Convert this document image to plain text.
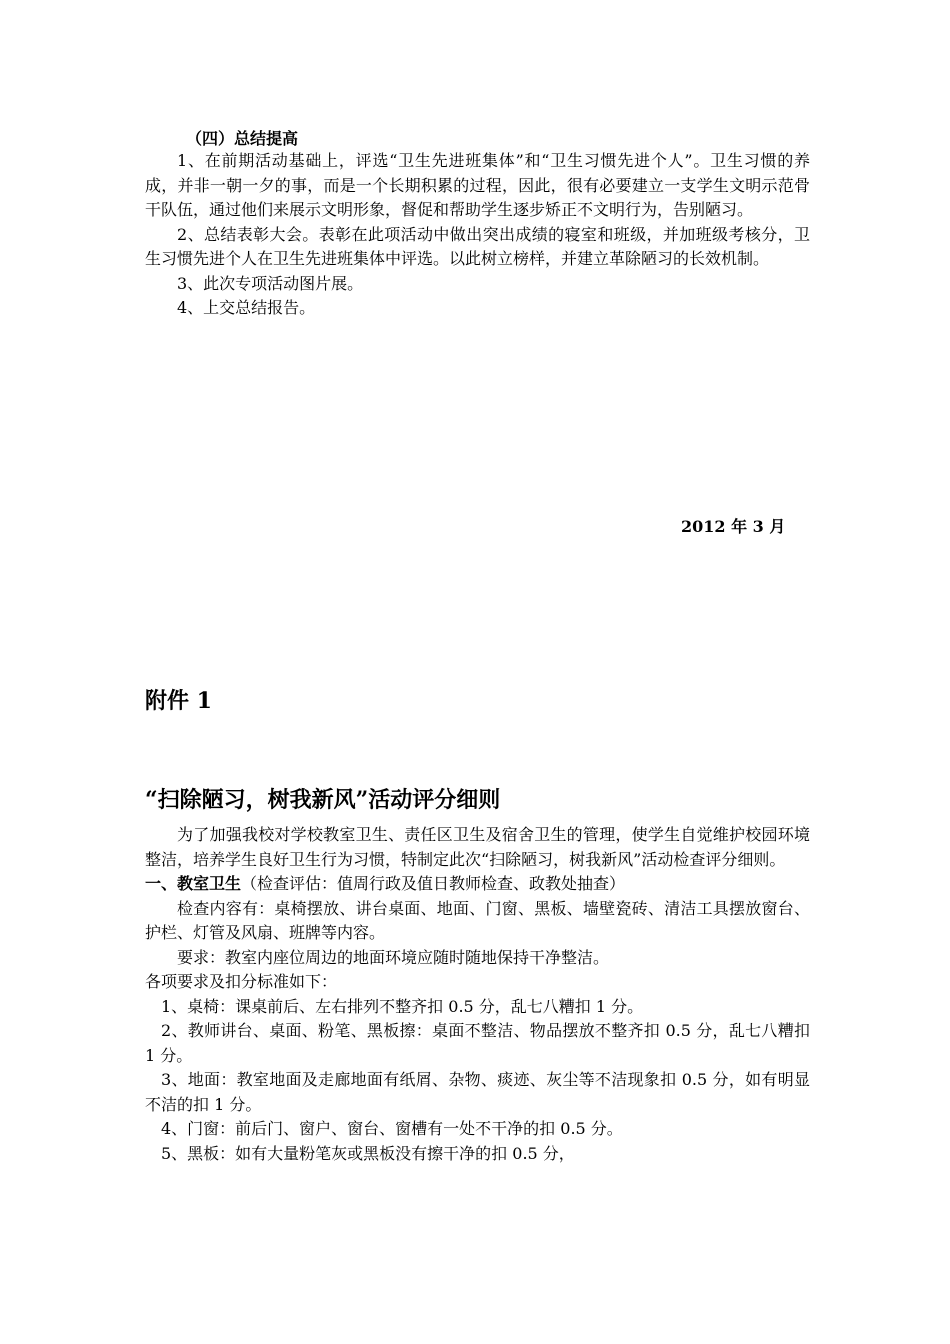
（四）总结提高

1、在前期活动基础上，评选“卫生先进班集体”和“卫生习惯先进个人”。卫生习惯的养成，并非一朝一夕的事，而是一个长期积累的过程，因此，很有必要建立一支学生文明示范骨干队伍，通过他们来展示文明形象，督促和帮助学生逐步矫正不文明行为，告别陋习。

2、总结表彰大会。表彰在此项活动中做出突出成绩的寝室和班级，并加班级考核分，卫生习惯先进个人在卫生先进班集体中评选。以此树立榜样，并建立革除陋习的长效机制。

3、此次专项活动图片展。

4、上交总结报告。

2012 年 3 月
附件 1
“扫除陋习，树我新风”活动评分细则

为了加强我校对学校教室卫生、责任区卫生及宿舍卫生的管理，使学生自觉维护校园环境整洁，培养学生良好卫生行为习惯，特制定此次“扫除陋习，树我新风”活动检查评分细则。

一、教室卫生（检查评估：值周行政及值日教师检查、政教处抽查）

检查内容有：桌椅摆放、讲台桌面、地面、门窗、黑板、墙壁瓷砖、清洁工具摆放窗台、护栏、灯管及风扇、班牌等内容。

要求：教室内座位周边的地面环境应随时随地保持干净整洁。

各项要求及扣分标准如下：

1、桌椅：课桌前后、左右排列不整齐扣 0.5 分，乱七八糟扣 1 分。

2、教师讲台、桌面、粉笔、黑板擦：桌面不整洁、物品摆放不整齐扣 0.5 分，乱七八糟扣 1 分。

3、地面：教室地面及走廊地面有纸屑、杂物、痰迹、灰尘等不洁现象扣 0.5 分，如有明显不洁的扣 1 分。

4、门窗：前后门、窗户、窗台、窗槽有一处不干净的扣 0.5 分。

5、黑板：如有大量粉笔灰或黑板没有擦干净的扣 0.5 分，
